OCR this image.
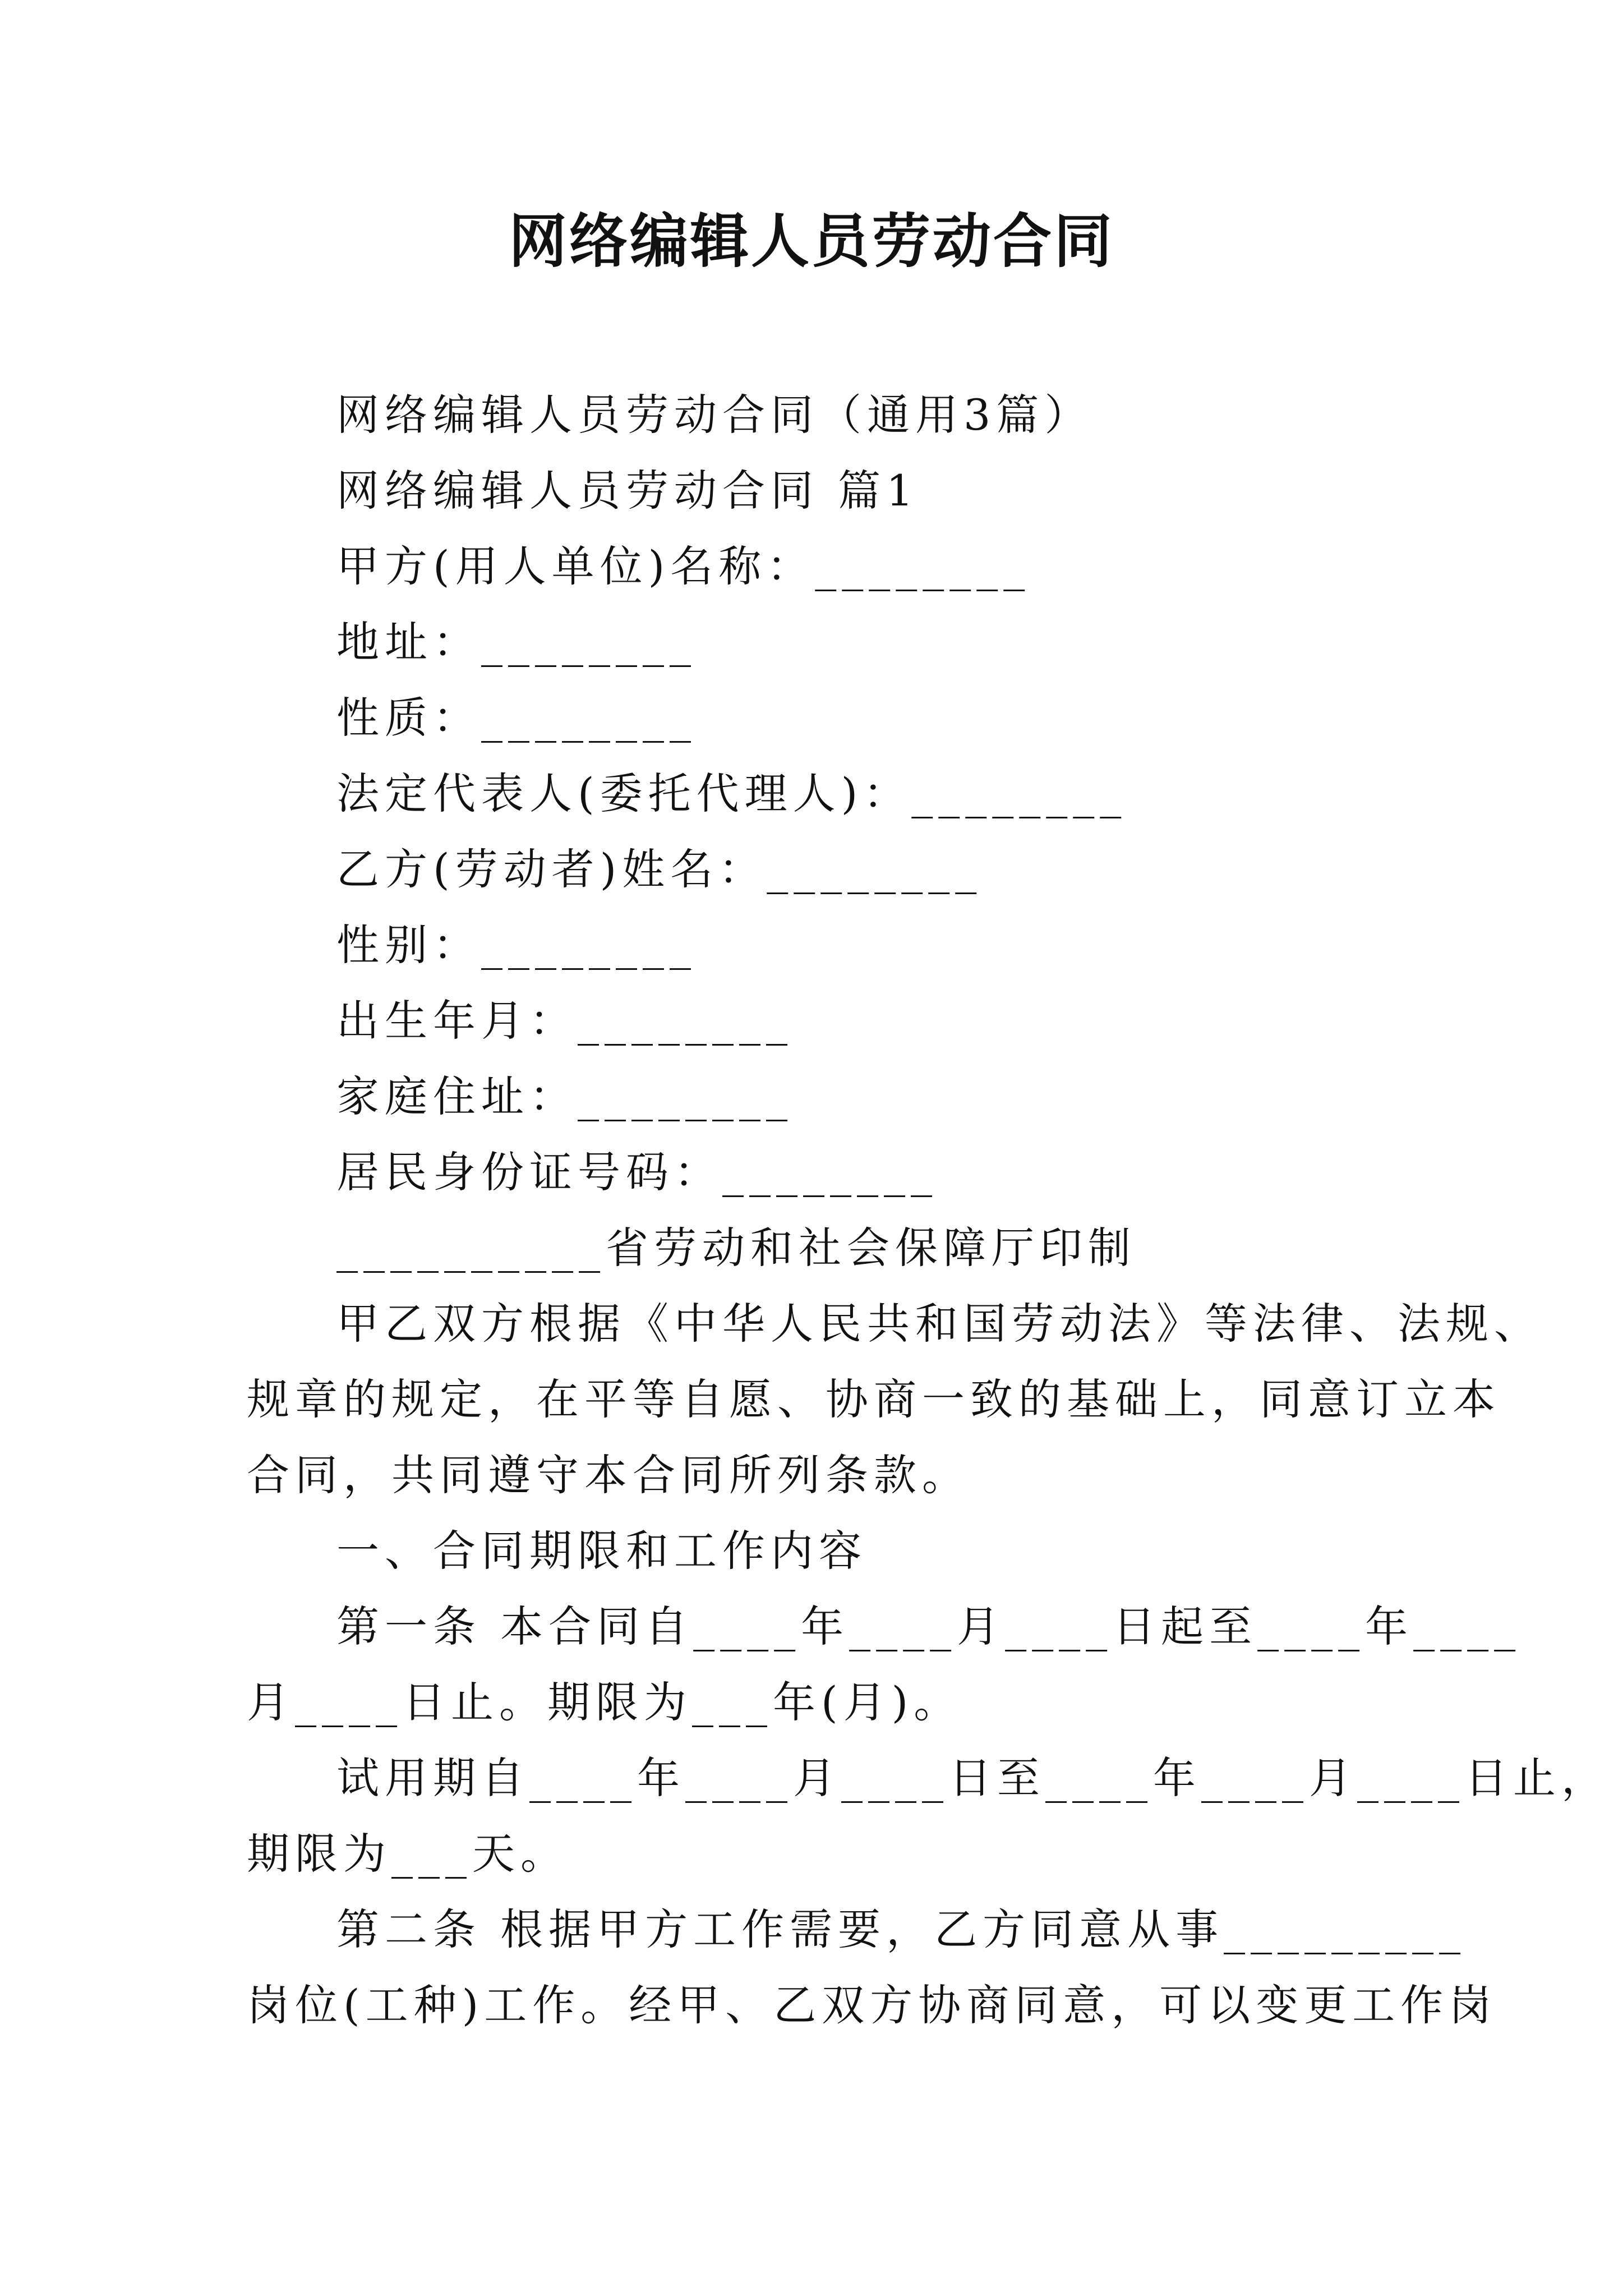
网络编辑人员劳动合同
网络编辑人员劳动合同（通用3篇）
网络编辑人员劳动合同 篇1
甲方(用人单位)名称：________
地址：________
性质：________
法定代表人(委托代理人)：________
乙方(劳动者)姓名：________
性别：________
出生年月：________
家庭住址：________
居民身份证号码：________
__________省劳动和社会保障厅印制
甲乙双方根据《中华人民共和国劳动法》等法律、法规、
规章的规定，在平等自愿、协商一致的基础上，同意订立本
合同，共同遵守本合同所列条款。
一、合同期限和工作内容
第一条 本合同自____年____月____日起至____年____
月____日止。期限为___年(月)。
试用期自____年____月____日至____年____月____日止，
期限为___天。
第二条 根据甲方工作需要，乙方同意从事_________
岗位(工种)工作。经甲、乙双方协商同意，可以变更工作岗
